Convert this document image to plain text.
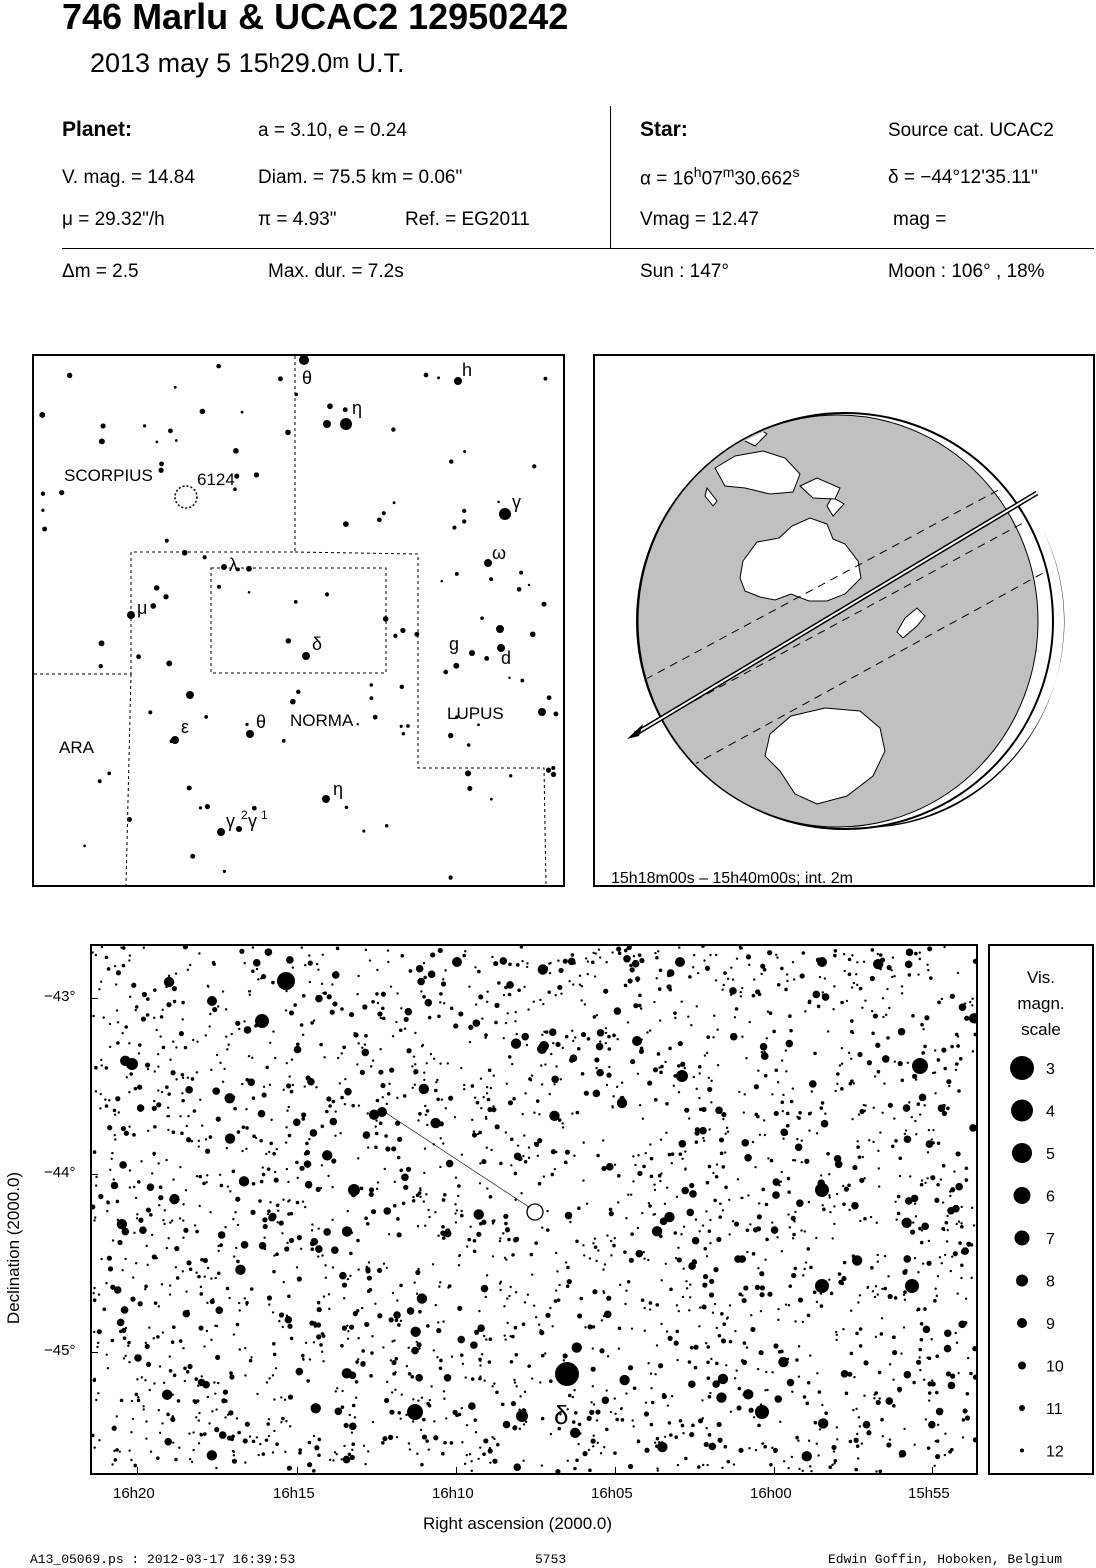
746 Marlu & UCAC2 12950242
2013 may 5 15$^h$29.0$^m$ U.T.
Planet:	a = 3.10, e = 0.24
V. mag. = 14.84	Diam. = 75.5 km = 0.06"
μ = 29.32"/h	π = 4.93"	Ref. = EG2011
Star:	Source cat. UCAC2
$\alpha = 16^h07^m30.662^s$	δ = −44°12'35.11"
Vmag = 12.47	mag =
Δm = 2.5	Max. dur. = 7.2s	Sun : 147°	Moon : 106° , 18%
SCORPIUS	6124
ARA
NORMA	LUPUS
θ
η
h
γ
ω
λ
μ
δ	g
d
ε	θ
η
γ 2 γ 1
15h18m00s – 15h40m00s; int. 2m
Declination (2000.0)
δ
−43°
−44°
−45°
16h20	16h15	16h10	16h05	16h00	15h55
Right ascension (2000.0)
Vis.
magn.
scale
3
4
5
6
7
8
9
10
11
12
A13_05069.ps : 2012-03-17 16:39:53	5753	Edwin Goffin, Hoboken, Belgium
